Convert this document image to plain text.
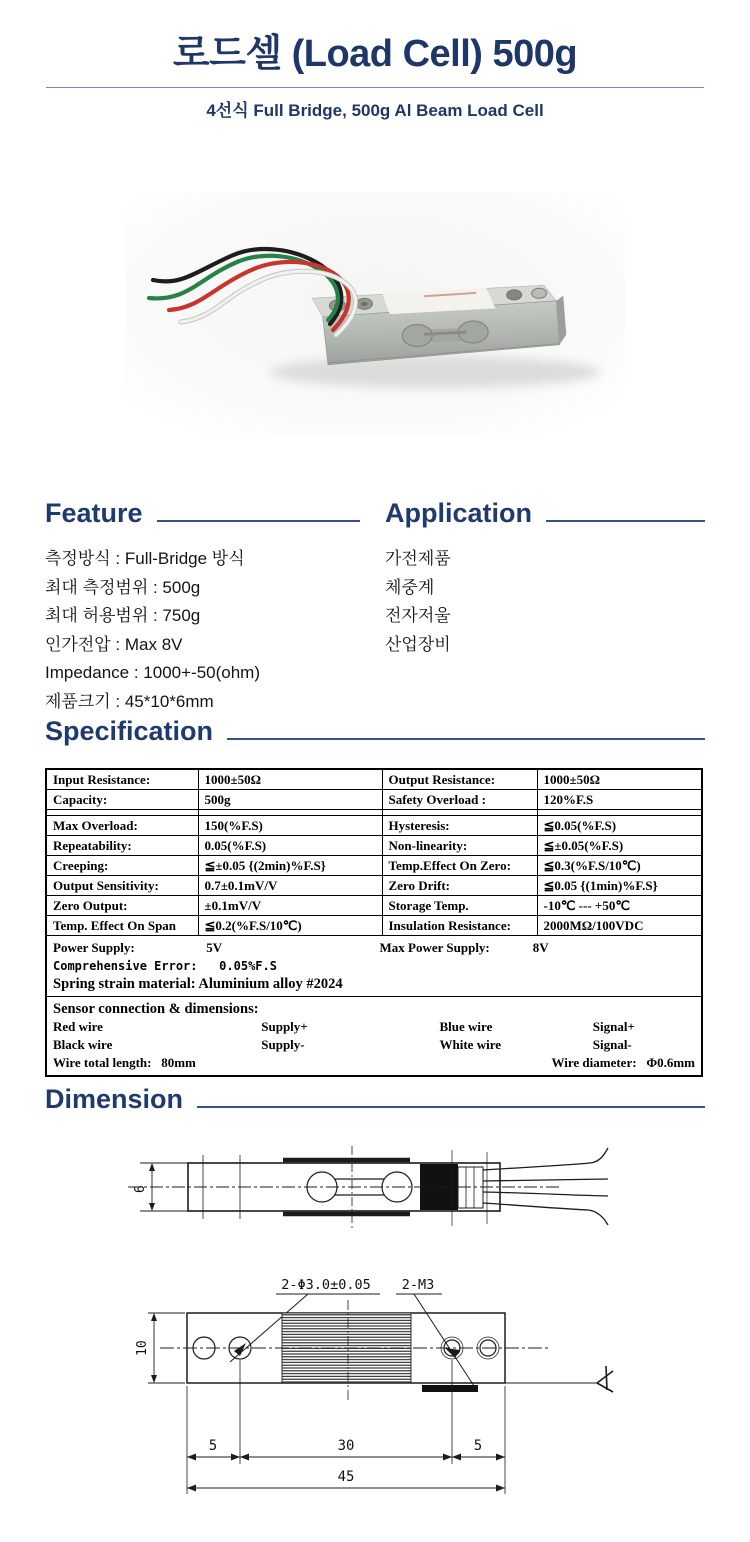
로드셀 (Load Cell) 500g
4선식 Full Bridge, 500g Al Beam Load Cell
Feature
측정방식 : Full-Bridge 방식
최대 측정범위 : 500g
최대 허용범위 : 750g
인가전압 : Max 8V
Impedance : 1000+-50(ohm)
제품크기 : 45*10*6mm
Application
가전제품
체중계
전자저울
산업장비
Specification
Input Resistance:	1000±50Ω	Output Resistance:	1000±50Ω
Capacity:	500g	Safety Overload :	120%F.S

Max Overload:	150(%F.S)	Hysteresis:	≦0.05(%F.S)
Repeatability:	0.05(%F.S)	Non-linearity:	≦±0.05(%F.S)
Creeping:	≦±0.05 {(2min)%F.S}	Temp.Effect On Zero:	≦0.3(%F.S/10℃)
Output Sensitivity:	0.7±0.1mV/V	Zero Drift:	≦0.05 {(1min)%F.S}
Zero Output:	±0.1mV/V	Storage Temp.	-10℃ --- +50℃
Temp. Effect On Span	≦0.2(%F.S/10℃)	Insulation Resistance:	2000MΩ/100VDC

Power Supply: 5V Max Power Supply: 8V
Comprehensive Error:   0.05%F.S
Spring strain material: Aluminium alloy #2024			

Sensor connection & dimensions:
Red wire Supply+ Blue wire Signal+
Black wire Supply- White wire Signal-
Wire total length: 80mm Wire diameter: Φ0.6mm			
Dimension
6
2-Φ3.0±0.05 2-M3
10
5	30	5
45
